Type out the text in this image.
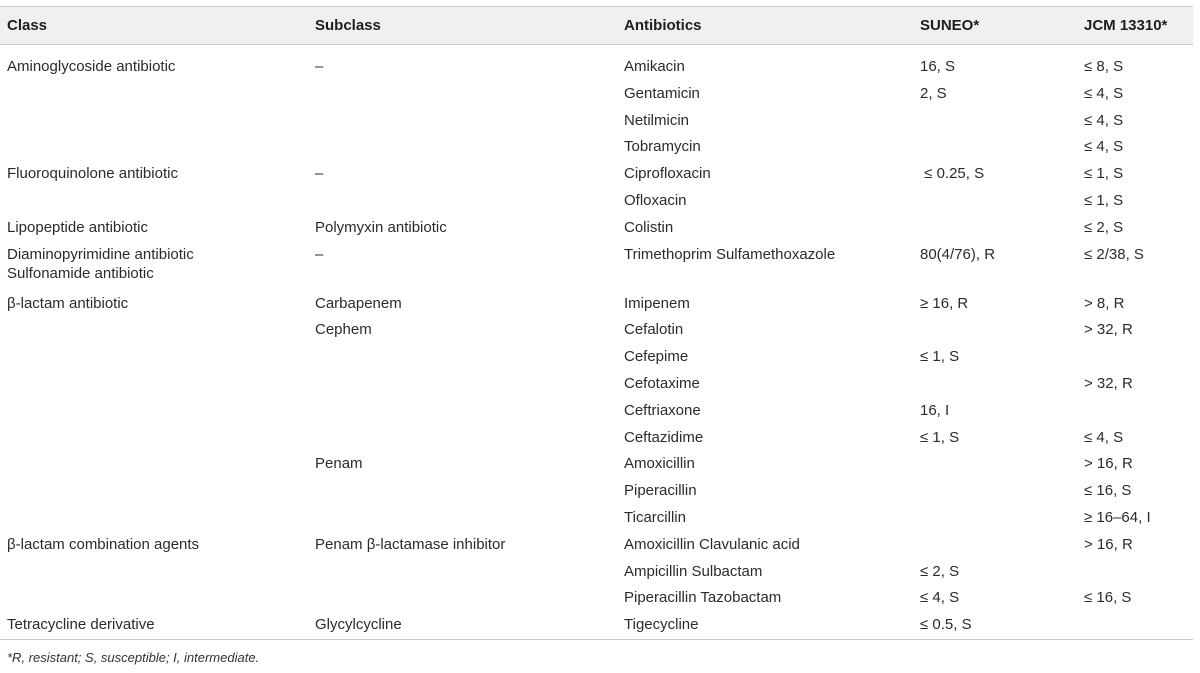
Class	Subclass	Antibiotics	SUNEO*	JCM 13310*
Aminoglycoside antibiotic	–	Amikacin	16, S	≤ 8, S
		Gentamicin	2, S	≤ 4, S
		Netilmicin		≤ 4, S
		Tobramycin		≤ 4, S
Fluoroquinolone antibiotic	–	Ciprofloxacin	≤ 0.25, S	≤ 1, S
		Ofloxacin		≤ 1, S
Lipopeptide antibiotic	Polymyxin antibiotic	Colistin		≤ 2, S
Diaminopyrimidine antibiotic
Sulfonamide antibiotic	–	Trimethoprim Sulfamethoxazole	80(4/76), R	≤ 2/38, S
β-lactam antibiotic	Carbapenem	Imipenem	≥ 16, R	> 8, R
	Cephem	Cefalotin		> 32, R
		Cefepime	≤ 1, S	
		Cefotaxime		> 32, R
		Ceftriaxone	16, I	
		Ceftazidime	≤ 1, S	≤ 4, S
	Penam	Amoxicillin		> 16, R
		Piperacillin		≤ 16, S
		Ticarcillin		≥ 16–64, I
β-lactam combination agents	Penam β-lactamase inhibitor	Amoxicillin Clavulanic acid		> 16, R
		Ampicillin Sulbactam	≤ 2, S	
		Piperacillin Tazobactam	≤ 4, S	≤ 16, S
Tetracycline derivative	Glycylcycline	Tigecycline	≤ 0.5, S	
*R, resistant; S, susceptible; I, intermediate.
